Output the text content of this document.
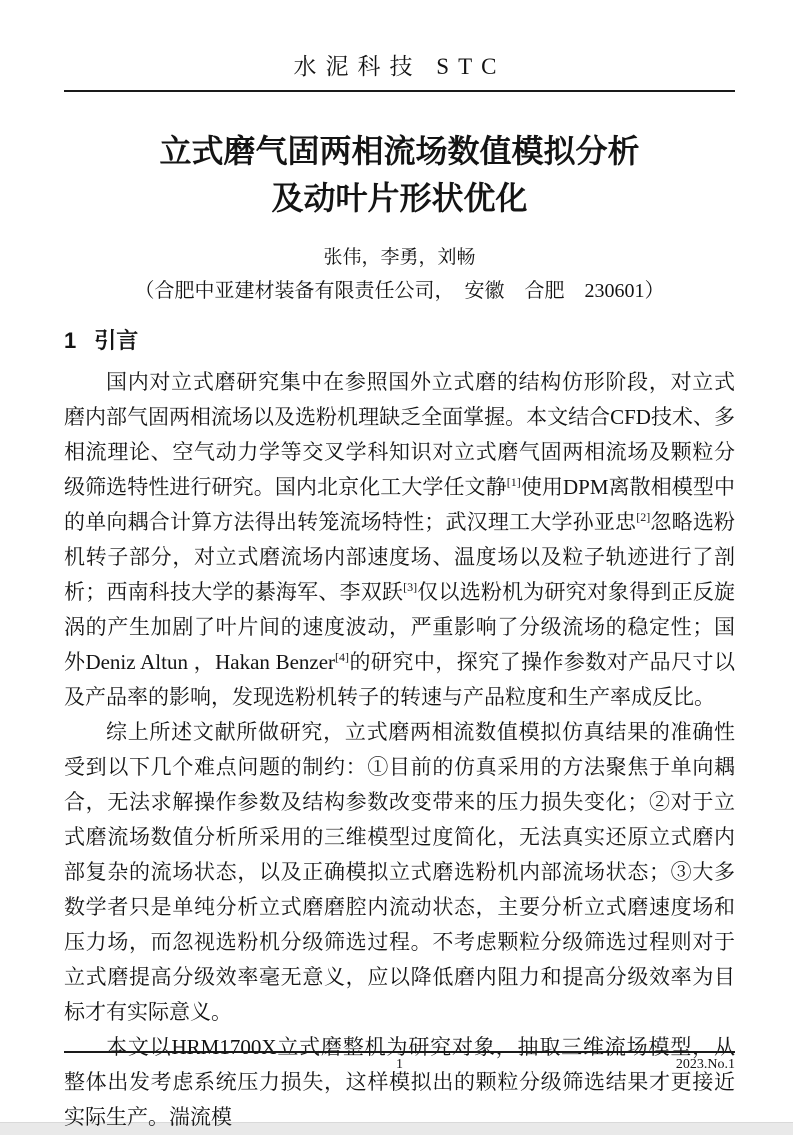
水泥科技 STC
立式磨气固两相流场数值模拟分析
及动叶片形状优化
张伟，李勇，刘畅
（合肥中亚建材装备有限责任公司，　安徽　合肥　230601）
1 引言

国内对立式磨研究集中在参照国外立式磨的结构仿形阶段，对立式磨内部气固两相流场以及选粉机理缺乏全面掌握。本文结合CFD技术、多相流理论、空气动力学等交叉学科知识对立式磨气固两相流场及颗粒分级筛选特性进行研究。国内北京化工大学任文静[1]使用DPM离散相模型中的单向耦合计算方法得出转笼流场特性；武汉理工大学孙亚忠[2]忽略选粉机转子部分，对立式磨流场内部速度场、温度场以及粒子轨迹进行了剖析；西南科技大学的綦海军、李双跃[3]仅以选粉机为研究对象得到正反旋涡的产生加剧了叶片间的速度波动，严重影响了分级流场的稳定性；国外Deniz Altun ，Hakan Benzer[4]的研究中，探究了操作参数对产品尺寸以及产品率的影响，发现选粉机转子的转速与产品粒度和生产率成反比。

综上所述文献所做研究，立式磨两相流数值模拟仿真结果的准确性受到以下几个难点问题的制约：①目前的仿真采用的方法聚焦于单向耦合，无法求解操作参数及结构参数改变带来的压力损失变化；②对于立式磨流场数值分析所采用的三维模型过度简化，无法真实还原立式磨内部复杂的流场状态，以及正确模拟立式磨选粉机内部流场状态；③大多数学者只是单纯分析立式磨磨腔内流动状态，主要分析立式磨速度场和压力场，而忽视选粉机分级筛选过程。不考虑颗粒分级筛选过程则对于立式磨提高分级效率毫无意义，应以降低磨内阻力和提高分级效率为目标才有实际意义。

本文以HRM1700X立式磨整机为研究对象，抽取三维流场模型，从整体出发考虑系统压力损失，这样模拟出的颗粒分级筛选结果才更接近实际生产。湍流模

1	2023.No.1
